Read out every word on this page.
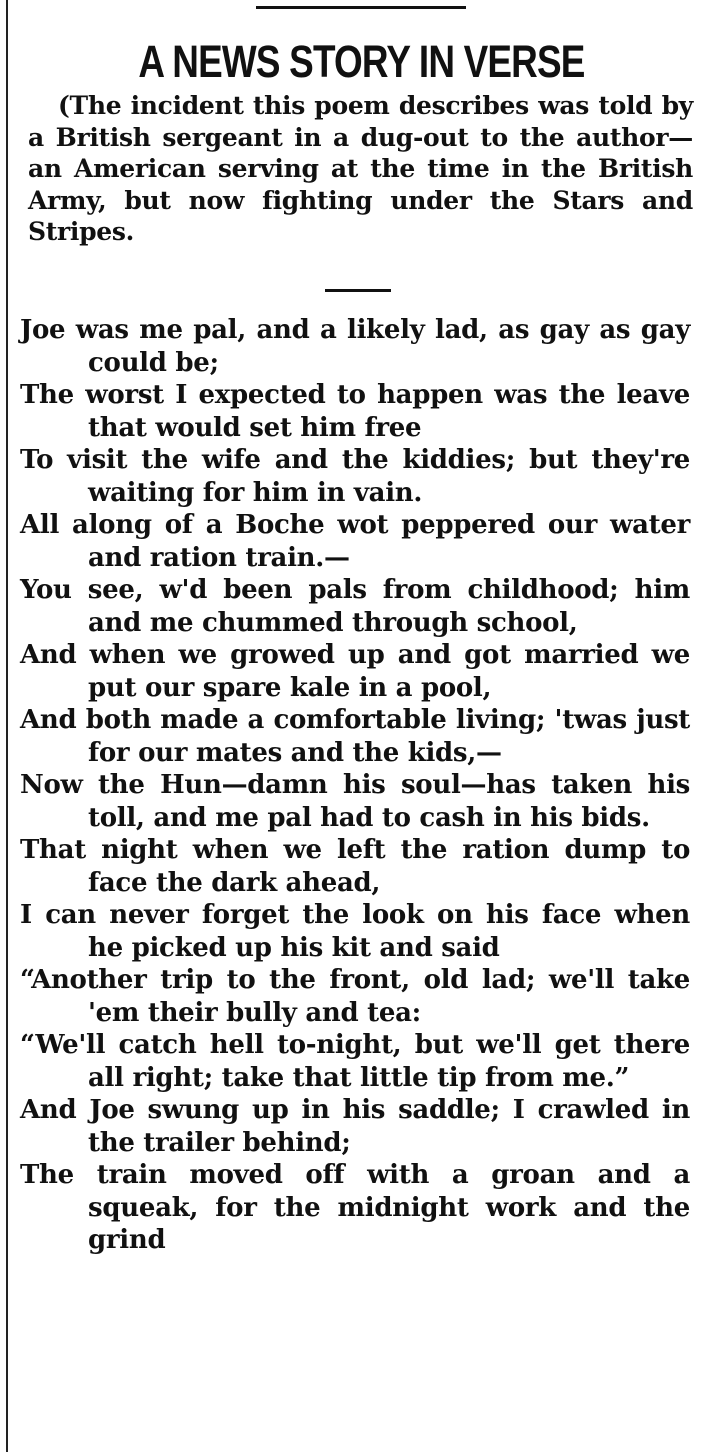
A NEWS STORY IN VERSE

(The incident this poem describes was told by a British sergeant in a dug-out to the author—an American serving at the time in the British Army, but now fighting under the Stars and Stripes.

Joe was me pal, and a likely lad, as gay as gay could be;
The worst I expected to happen was the leave that would set him free
To visit the wife and the kiddies; but they're waiting for him in vain.
All along of a Boche wot peppered our water and ration train.—
You see, w'd been pals from childhood; him and me chummed through school,
And when we growed up and got married we put our spare kale in a pool,
And both made a comfortable living; 'twas just for our mates and the kids,—
Now the Hun—damn his soul—has taken his toll, and me pal had to cash in his bids.
That night when we left the ration dump to face the dark ahead,
I can never forget the look on his face when he picked up his kit and said
“Another trip to the front, old lad; we'll take 'em their bully and tea:
“We'll catch hell to-night, but we'll get there all right; take that little tip from me.”
And Joe swung up in his saddle; I crawled in the trailer behind;
The train moved off with a groan and a squeak, for the midnight work and the grind
